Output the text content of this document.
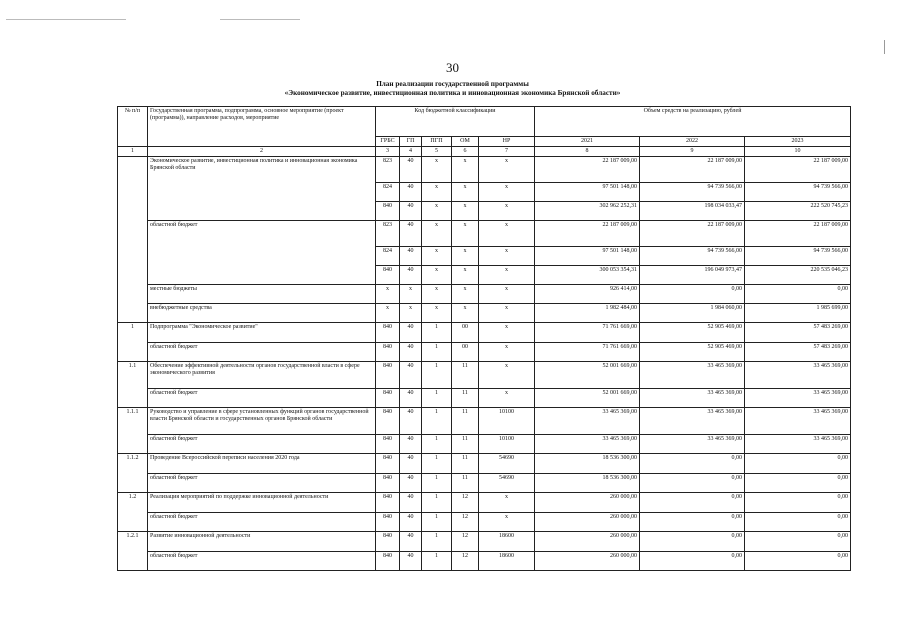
30
План реализации государственной программы
«Экономическое развитие, инвестиционная политика и инновационная экономика Брянской области»
№ п/п	Государственная программа, подпрограмма, основное мероприятие (проект (программа)), направление расходов, мероприятие	Код бюджетной классификации					Объем средств на реализацию, рублей		
		ГРБС	ГП	ПГП	ОМ	НР	2021	2022	2023
1	2	3	4	5	6	7	8	9	10
	Экономическое развитие, инвестиционная политика и инновационная экономика Брянской области	823	40	х	х	х	22 187 009,00	22 187 009,00	22 187 009,00
		824	40	х	х	х	97 501 148,00	94 739 566,00	94 739 566,00
		840	40	х	х	х	302 962 252,31	198 034 033,47	222 520 745,23
	областной бюджет	823	40	х	х	х	22 187 009,00	22 187 009,00	22 187 009,00
		824	40	х	х	х	97 501 148,00	94 739 566,00	94 739 566,00
		840	40	х	х	х	300 053 354,31	196 049 973,47	220 535 046,23
	местные бюджеты	х	х	х	х	х	926 414,00	0,00	0,00
	внебюджетные средства	х	х	х	х	х	1 982 484,00	1 984 060,00	1 985 699,00
1	Подпрограмма "Экономическое развитие"	840	40	1	00	х	71 761 669,00	52 905 469,00	57 483 269,00
	областной бюджет	840	40	1	00	х	71 761 669,00	52 905 469,00	57 483 269,00
1.1	Обеспечение эффективной деятельности органов государственной власти в сфере экономического развития	840	40	1	11	х	52 001 669,00	33 465 369,00	33 465 369,00
	областной бюджет	840	40	1	11	х	52 001 669,00	33 465 369,00	33 465 369,00
1.1.1	Руководство и управление в сфере установленных функций органов государственной власти Брянской области и государственных органов Брянской области	840	40	1	11	10100	33 465 369,00	33 465 369,00	33 465 369,00
	областной бюджет	840	40	1	11	10100	33 465 369,00	33 465 369,00	33 465 369,00
1.1.2	Проведение Всероссийской переписи населения 2020 года	840	40	1	11	54690	18 536 300,00	0,00	0,00
	областной бюджет	840	40	1	11	54690	18 536 300,00	0,00	0,00
1.2	Реализация мероприятий по поддержке инновационной деятельности	840	40	1	12	х	260 000,00	0,00	0,00
	областной бюджет	840	40	1	12	х	260 000,00	0,00	0,00
1.2.1	Развитие инновационной деятельности	840	40	1	12	18600	260 000,00	0,00	0,00
	областной бюджет	840	40	1	12	18600	260 000,00	0,00	0,00
